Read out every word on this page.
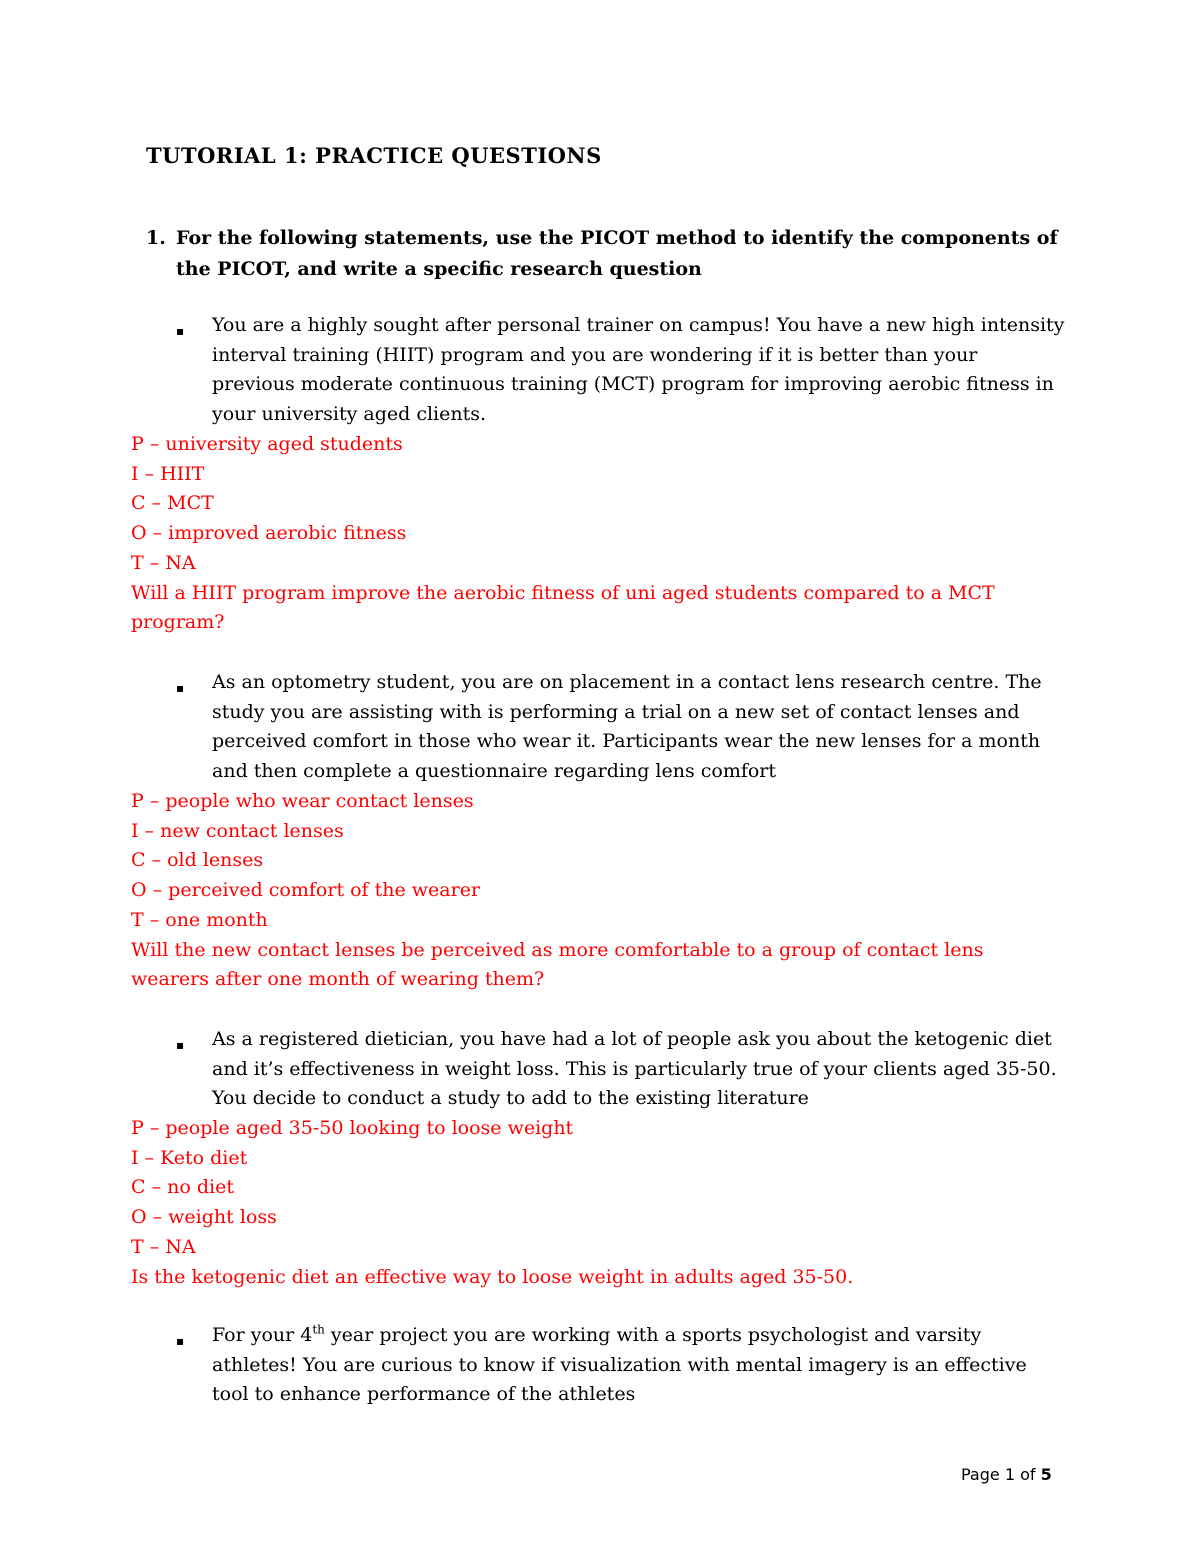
TUTORIAL 1: PRACTICE QUESTIONS
1. For the following statements, use the PICOT method to identify the components of the PICOT, and write a specific research question
▪ You are a highly sought after personal trainer on campus! You have a new high intensity interval training (HIIT) program and you are wondering if it is better than your previous moderate continuous training (MCT) program for improving aerobic fitness in your university aged clients.
P – university aged students
I – HIIT
C – MCT
O – improved aerobic fitness
T – NA
Will a HIIT program improve the aerobic fitness of uni aged students compared to a MCT program?
▪ As an optometry student, you are on placement in a contact lens research centre. The study you are assisting with is performing a trial on a new set of contact lenses and perceived comfort in those who wear it. Participants wear the new lenses for a month and then complete a questionnaire regarding lens comfort
P – people who wear contact lenses
I – new contact lenses
C – old lenses
O – perceived comfort of the wearer
T – one month
Will the new contact lenses be perceived as more comfortable to a group of contact lens wearers after one month of wearing them?
▪ As a registered dietician, you have had a lot of people ask you about the ketogenic diet and it’s effectiveness in weight loss. This is particularly true of your clients aged 35-50. You decide to conduct a study to add to the existing literature
P – people aged 35-50 looking to loose weight
I – Keto diet
C – no diet
O – weight loss
T – NA
Is the ketogenic diet an effective way to loose weight in adults aged 35-50.
▪ For your 4th year project you are working with a sports psychologist and varsity athletes! You are curious to know if visualization with mental imagery is an effective tool to enhance performance of the athletes
Page 1 of 5
